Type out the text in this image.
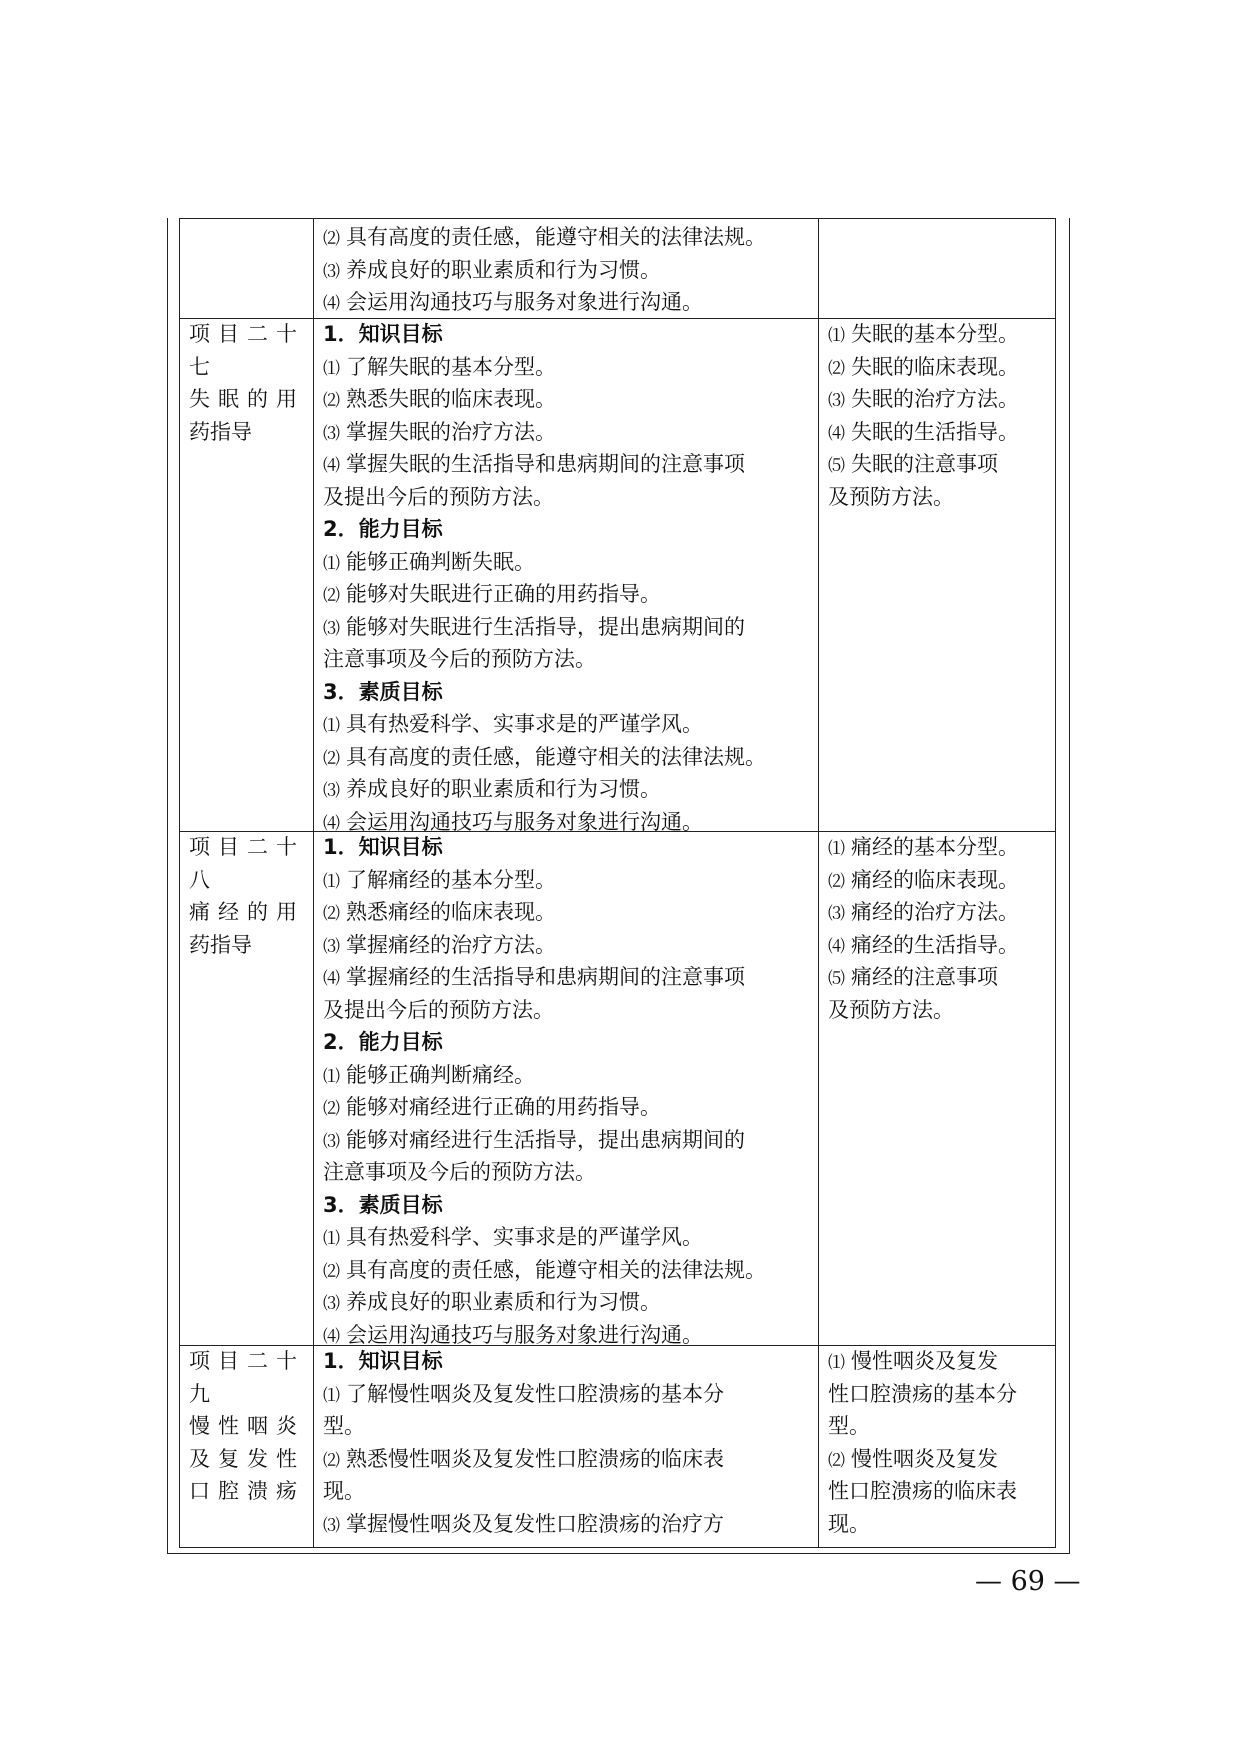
⑵ 具有高度的责任感，能遵守相关的法律法规。
⑶ 养成良好的职业素质和行为习惯。
⑷ 会运用沟通技巧与服务对象进行沟通。
项目二十
七
失眠的用
药指导
1．知识目标
⑴ 了解失眠的基本分型。
⑵ 熟悉失眠的临床表现。
⑶ 掌握失眠的治疗方法。
⑷ 掌握失眠的生活指导和患病期间的注意事项
及提出今后的预防方法。
2．能力目标
⑴ 能够正确判断失眠。
⑵ 能够对失眠进行正确的用药指导。
⑶ 能够对失眠进行生活指导，提出患病期间的
注意事项及今后的预防方法。
3．素质目标
⑴ 具有热爱科学、实事求是的严谨学风。
⑵ 具有高度的责任感，能遵守相关的法律法规。
⑶ 养成良好的职业素质和行为习惯。
⑷ 会运用沟通技巧与服务对象进行沟通。
⑴ 失眠的基本分型。
⑵ 失眠的临床表现。
⑶ 失眠的治疗方法。
⑷ 失眠的生活指导。
⑸ 失眠的注意事项
及预防方法。
项目二十
八
痛经的用
药指导
1．知识目标
⑴ 了解痛经的基本分型。
⑵ 熟悉痛经的临床表现。
⑶ 掌握痛经的治疗方法。
⑷ 掌握痛经的生活指导和患病期间的注意事项
及提出今后的预防方法。
2．能力目标
⑴ 能够正确判断痛经。
⑵ 能够对痛经进行正确的用药指导。
⑶ 能够对痛经进行生活指导，提出患病期间的
注意事项及今后的预防方法。
3．素质目标
⑴ 具有热爱科学、实事求是的严谨学风。
⑵ 具有高度的责任感，能遵守相关的法律法规。
⑶ 养成良好的职业素质和行为习惯。
⑷ 会运用沟通技巧与服务对象进行沟通。
⑴ 痛经的基本分型。
⑵ 痛经的临床表现。
⑶ 痛经的治疗方法。
⑷ 痛经的生活指导。
⑸ 痛经的注意事项
及预防方法。
项目二十
九
慢性咽炎
及复发性
口腔溃疡
1．知识目标
⑴ 了解慢性咽炎及复发性口腔溃疡的基本分
型。
⑵ 熟悉慢性咽炎及复发性口腔溃疡的临床表
现。
⑶ 掌握慢性咽炎及复发性口腔溃疡的治疗方
⑴ 慢性咽炎及复发
性口腔溃疡的基本分
型。
⑵ 慢性咽炎及复发
性口腔溃疡的临床表
现。
— 69 —
